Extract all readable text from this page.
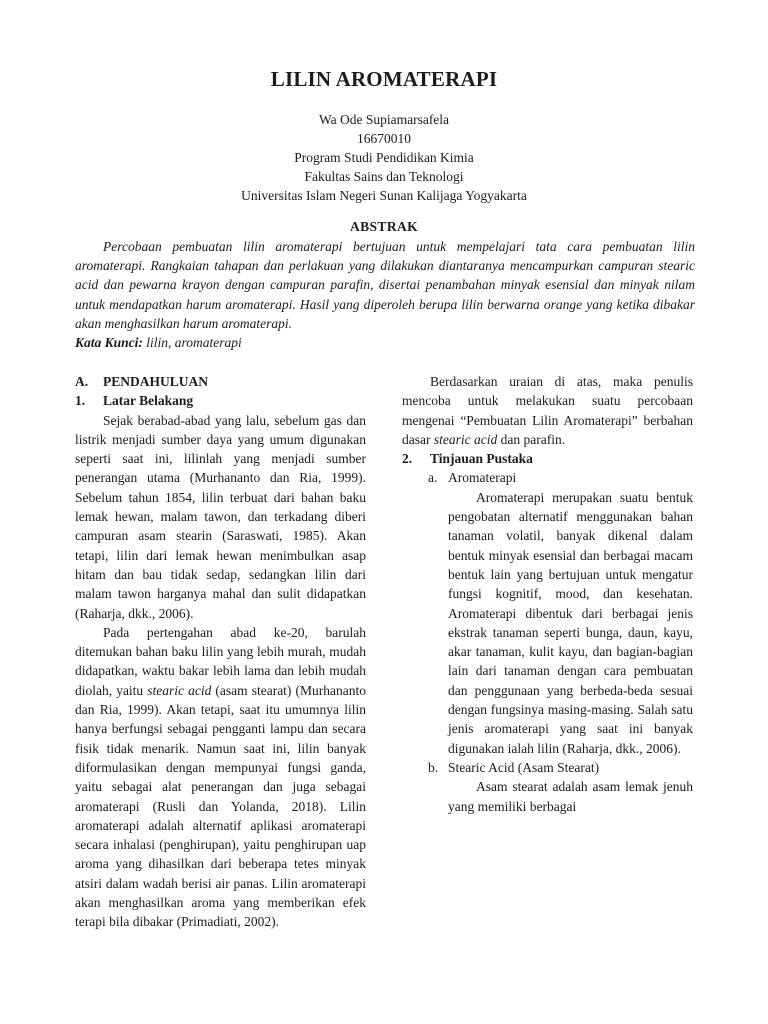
LILIN AROMATERAPI
Wa Ode Supiamarsafela
16670010
Program Studi Pendidikan Kimia
Fakultas Sains dan Teknologi
Universitas Islam Negeri Sunan Kalijaga Yogyakarta
ABSTRAK

Percobaan pembuatan lilin aromaterapi bertujuan untuk mempelajari tata cara pembuatan lilin aromaterapi. Rangkaian tahapan dan perlakuan yang dilakukan diantaranya mencampurkan campuran stearic acid dan pewarna krayon dengan campuran parafin, disertai penambahan minyak esensial dan minyak nilam untuk mendapatkan harum aromaterapi. Hasil yang diperoleh berupa lilin berwarna orange yang ketika dibakar akan menghasilkan harum aromaterapi.

Kata Kunci: lilin, aromaterapi
A.	PENDAHULUAN
1.	Latar Belakang

Sejak berabad-abad yang lalu, sebelum gas dan listrik menjadi sumber daya yang umum digunakan seperti saat ini, lilinlah yang menjadi sumber penerangan utama (Murhananto dan Ria, 1999). Sebelum tahun 1854, lilin terbuat dari bahan baku lemak hewan, malam tawon, dan terkadang diberi campuran asam stearin (Saraswati, 1985). Akan tetapi, lilin dari lemak hewan menimbulkan asap hitam dan bau tidak sedap, sedangkan lilin dari malam tawon harganya mahal dan sulit didapatkan (Raharja, dkk., 2006).

Pada pertengahan abad ke-20, barulah ditemukan bahan baku lilin yang lebih murah, mudah didapatkan, waktu bakar lebih lama dan lebih mudah diolah, yaitu stearic acid (asam stearat) (Murhananto dan Ria, 1999). Akan tetapi, saat itu umumnya lilin hanya berfungsi sebagai pengganti lampu dan secara fisik tidak menarik. Namun saat ini, lilin banyak diformulasikan dengan mempunyai fungsi ganda, yaitu sebagai alat penerangan dan juga sebagai aromaterapi (Rusli dan Yolanda, 2018). Lilin aromaterapi adalah alternatif aplikasi aromaterapi secara inhalasi (penghirupan), yaitu penghirupan uap aroma yang dihasilkan dari beberapa tetes minyak atsiri dalam wadah berisi air panas. Lilin aromaterapi akan menghasilkan aroma yang memberikan efek terapi bila dibakar (Primadiati, 2002).

Berdasarkan uraian di atas, maka penulis mencoba untuk melakukan suatu percobaan mengenai “Pembuatan Lilin Aromaterapi” berbahan dasar stearic acid dan parafin.

2.	Tinjauan Pustaka
a. Aromaterapi

Aromaterapi merupakan suatu bentuk pengobatan alternatif menggunakan bahan tanaman volatil, banyak dikenal dalam bentuk minyak esensial dan berbagai macam bentuk lain yang bertujuan untuk mengatur fungsi kognitif, mood, dan kesehatan. Aromaterapi dibentuk dari berbagai jenis ekstrak tanaman seperti bunga, daun, kayu, akar tanaman, kulit kayu, dan bagian-bagian lain dari tanaman dengan cara pembuatan dan penggunaan yang berbeda-beda sesuai dengan fungsinya masing-masing. Salah satu jenis aromaterapi yang saat ini banyak digunakan ialah lilin (Raharja, dkk., 2006).

b. Stearic Acid (Asam Stearat)

Asam stearat adalah asam lemak jenuh yang memiliki berbagai
